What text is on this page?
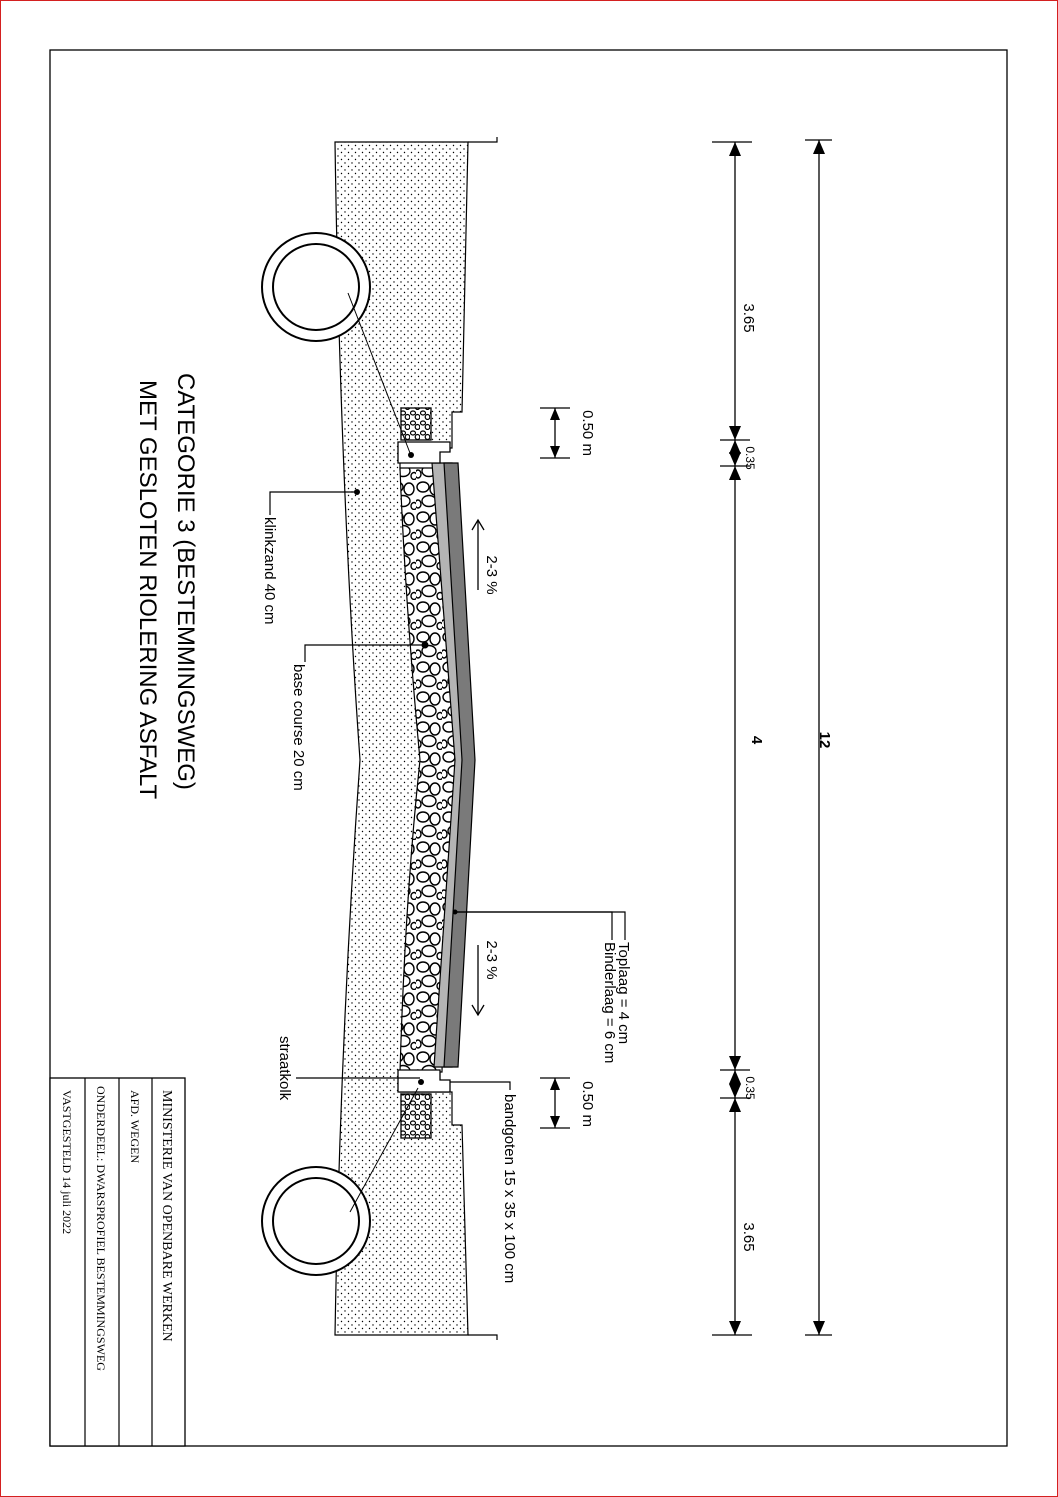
12
3.65
3.65
0.35
0.35
4
0.50 m
0.50 m
2-3 %
2-3 %
klinkzand 40 cm
base course 20 cm
Toplaag = 4 cm
Binderlaag = 6 cm
straatkolk
bandgoten 15 x 35 x 100 cm
CATEGORIE 3 (BESTEMMINGSWEG)
MET GESLOTEN RIOLERING ASFALT
MINISTERIE VAN OPENBARE WERKEN
AFD. WEGEN
ONDERDEEL: DWARSPROFIEL BESTEMMINGSWEG
VASTGESTELD 14 juli 2022
